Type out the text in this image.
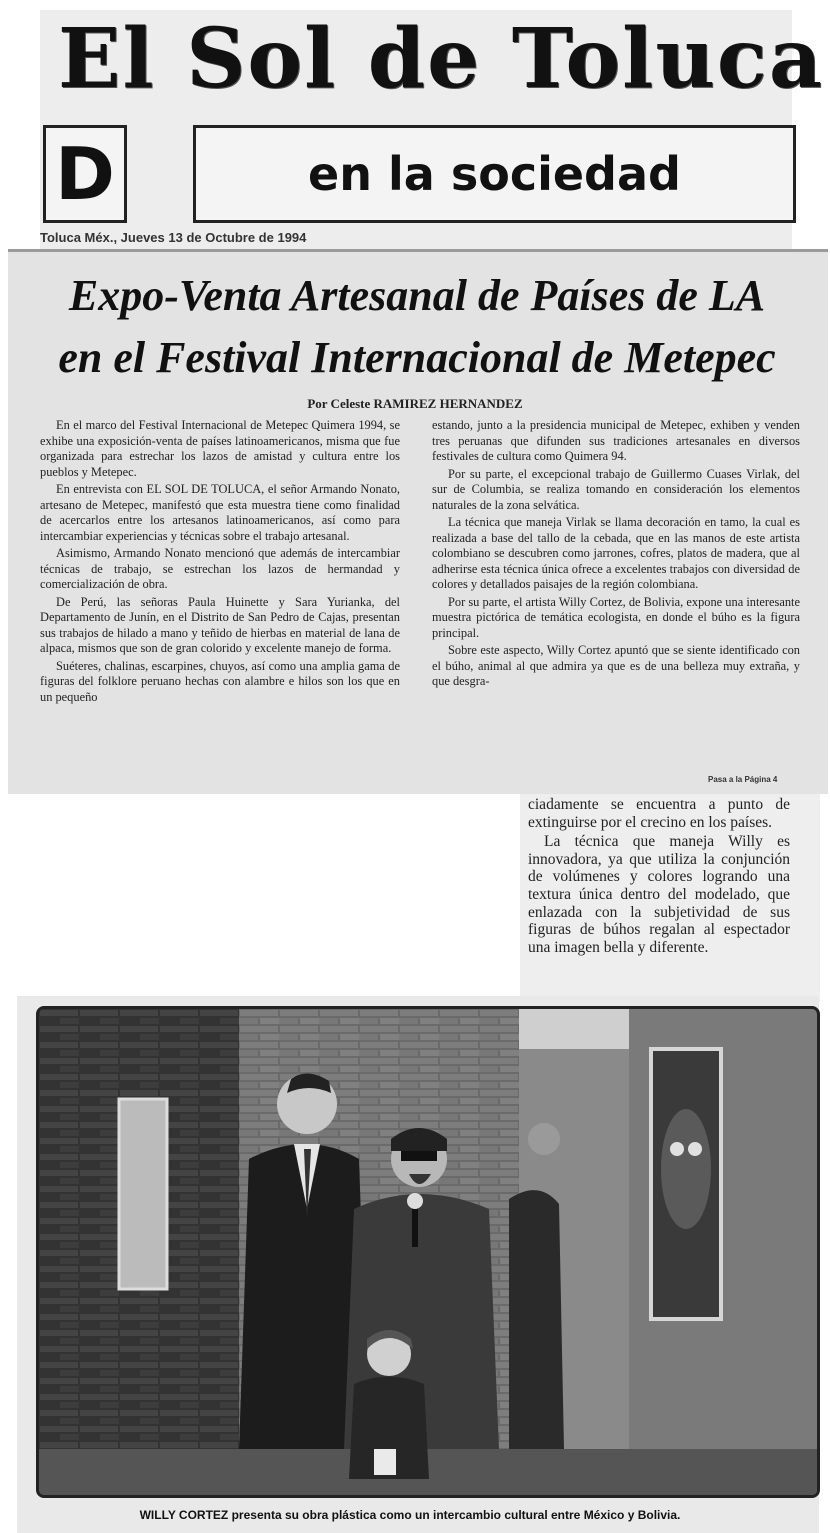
El Sol de Toluca
D	en la sociedad
Toluca Méx., Jueves 13 de Octubre de 1994
Expo-Venta Artesanal de Países de LA
en el Festival Internacional de Metepec
Por Celeste RAMIREZ HERNANDEZ

En el marco del Festival Internacional de Metepec Quimera 1994, se exhibe una exposición-venta de países latinoamericanos, misma que fue organizada para estrechar los lazos de amistad y cultura entre los pueblos y Metepec.

En entrevista con EL SOL DE TOLUCA, el señor Armando Nonato, artesano de Metepec, manifestó que esta muestra tiene como finalidad de acercarlos entre los artesanos latinoamericanos, así como para intercambiar experiencias y técnicas sobre el trabajo artesanal.

Asimismo, Armando Nonato mencionó que además de intercambiar técnicas de trabajo, se estrechan los lazos de hermandad y comercialización de obra.

De Perú, las señoras Paula Huinette y Sara Yurianka, del Departamento de Junín, en el Distrito de San Pedro de Cajas, presentan sus trabajos de hilado a mano y teñido de hierbas en material de lana de alpaca, mismos que son de gran colorido y excelente manejo de forma.

Suéteres, chalinas, escarpines, chuyos, así como una amplia gama de figuras del folklore peruano hechas con alambre e hilos son los que en un pequeño

estando, junto a la presidencia municipal de Metepec, exhiben y venden tres peruanas que difunden sus tradiciones artesanales en diversos festivales de cultura como Quimera 94.

Por su parte, el excepcional trabajo de Guillermo Cuases Virlak, del sur de Columbia, se realiza tomando en consideración los elementos naturales de la zona selvática.

La técnica que maneja Virlak se llama decoración en tamo, la cual es realizada a base del tallo de la cebada, que en las manos de este artista colombiano se descubren como jarrones, cofres, platos de madera, que al adherirse esta técnica única ofrece a excelentes trabajos con diversidad de colores y detallados paisajes de la región colombiana.

Por su parte, el artista Willy Cortez, de Bolivia, expone una interesante muestra pictórica de temática ecologista, en donde el búho es la figura principal.

Sobre este aspecto, Willy Cortez apuntó que se siente identificado con el búho, animal al que admira ya que es de una belleza muy extraña, y que desgra-

Pasa a la Página 4

ciadamente se encuentra a punto de extinguirse por el crecino en los países.

La técnica que maneja Willy es innovadora, ya que utiliza la conjunción de volúmenes y colores logrando una textura única dentro del modelado, que enlazada con la subjetividad de sus figuras de búhos regalan al espectador una imagen bella y diferente.

WILLY CORTEZ presenta su obra plástica como un intercambio cultural entre México y Bolivia.
